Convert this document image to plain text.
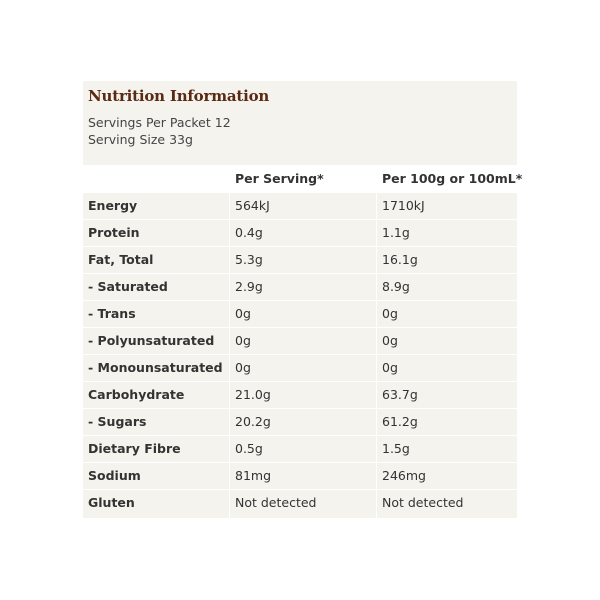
Nutrition Information
Servings Per Packet 12
Serving Size 33g
Per Serving*	Per 100g or 100mL*
Energy	564kJ	1710kJ
Protein	0.4g	1.1g
Fat, Total	5.3g	16.1g
- Saturated	2.9g	8.9g
- Trans	0g	0g
- Polyunsaturated 0g	0g
- Monounsaturated 0g	0g
Carbohydrate	21.0g	63.7g
- Sugars	20.2g	61.2g
Dietary Fibre	0.5g	1.5g
Sodium	81mg	246mg
Gluten	Not detected	Not detected
